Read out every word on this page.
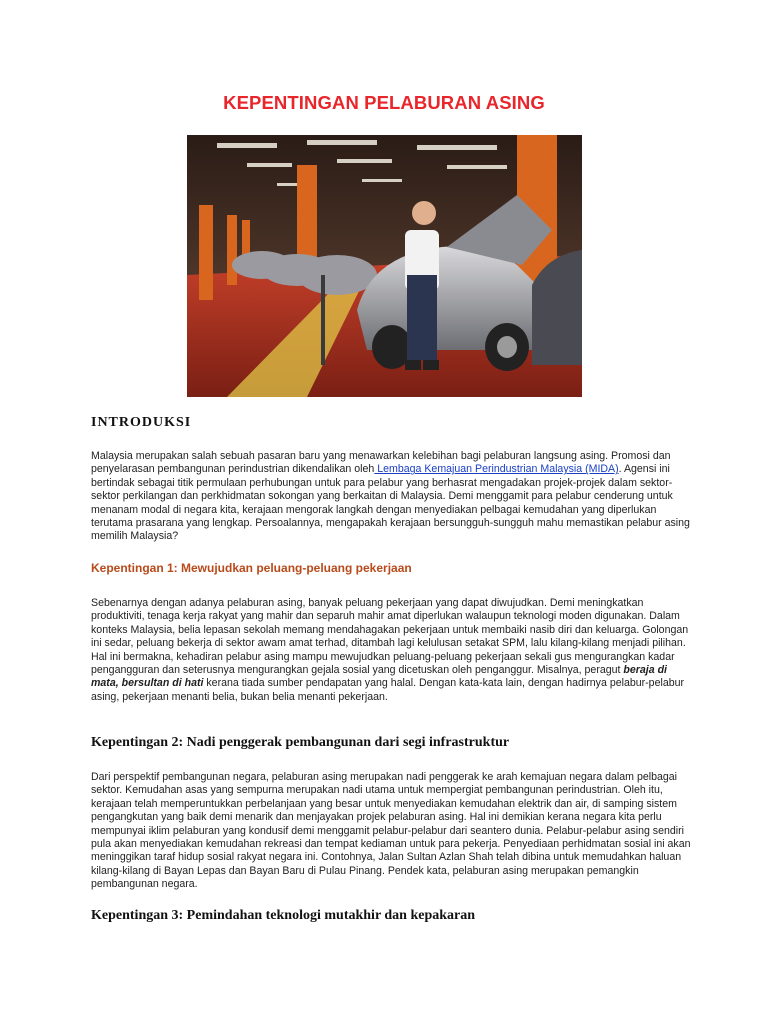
KEPENTINGAN PELABURAN ASING
INTRODUKSI

Malaysia merupakan salah sebuah pasaran baru yang menawarkan kelebihan bagi pelaburan langsung asing. Promosi dan penyelarasan pembangunan perindustrian dikendalikan oleh Lembaga Kemajuan Perindustrian Malaysia (MIDA). Agensi ini bertindak sebagai titik permulaan perhubungan untuk para pelabur yang berhasrat mengadakan projek-projek dalam sektor-sektor perkilangan dan perkhidmatan sokongan yang berkaitan di Malaysia. Demi menggamit para pelabur cenderung untuk menanam modal di negara kita, kerajaan mengorak langkah dengan menyediakan pelbagai kemudahan yang diperlukan terutama prasarana yang lengkap. Persoalannya, mengapakah kerajaan bersungguh-sungguh mahu memastikan pelabur asing memilih Malaysia?

Kepentingan 1: Mewujudkan peluang-peluang pekerjaan

Sebenarnya dengan adanya pelaburan asing, banyak peluang pekerjaan yang dapat diwujudkan. Demi meningkatkan produktiviti, tenaga kerja rakyat yang mahir dan separuh mahir amat diperlukan walaupun teknologi moden digunakan. Dalam konteks Malaysia, belia lepasan sekolah memang mendahagakan pekerjaan untuk membaiki nasib diri dan keluarga. Golongan ini sedar, peluang bekerja di sektor awam amat terhad, ditambah lagi kelulusan setakat SPM, lalu kilang-kilang menjadi pilihan. Hal ini bermakna, kehadiran pelabur asing mampu mewujudkan peluang-peluang pekerjaan sekali gus mengurangkan kadar pengangguran dan seterusnya mengurangkan gejala sosial yang dicetuskan oleh penganggur. Misalnya, peragut beraja di mata, bersultan di hati kerana tiada sumber pendapatan yang halal. Dengan kata-kata lain, dengan hadirnya pelabur-pelabur asing, pekerjaan menanti belia, bukan belia menanti pekerjaan.

Kepentingan 2: Nadi penggerak pembangunan dari segi infrastruktur

Dari perspektif pembangunan negara, pelaburan asing merupakan nadi penggerak ke arah kemajuan negara dalam pelbagai sektor. Kemudahan asas yang sempurna merupakan nadi utama untuk mempergiat pembangunan perindustrian. Oleh itu, kerajaan telah memperuntukkan perbelanjaan yang besar untuk menyediakan kemudahan elektrik dan air, di samping sistem pengangkutan yang baik demi menarik dan menjayakan projek pelaburan asing. Hal ini demikian kerana negara kita perlu mempunyai iklim pelaburan yang kondusif demi menggamit pelabur-pelabur dari seantero dunia. Pelabur-pelabur asing sendiri pula akan menyediakan kemudahan rekreasi dan tempat kediaman untuk para pekerja. Penyediaan perhidmatan sosial ini akan meninggikan taraf hidup sosial rakyat negara ini. Contohnya, Jalan Sultan Azlan Shah telah dibina untuk memudahkan haluan kilang-kilang di Bayan Lepas dan Bayan Baru di Pulau Pinang. Pendek kata, pelaburan asing merupakan pemangkin pembangunan negara.

Kepentingan 3: Pemindahan teknologi mutakhir dan kepakaran
